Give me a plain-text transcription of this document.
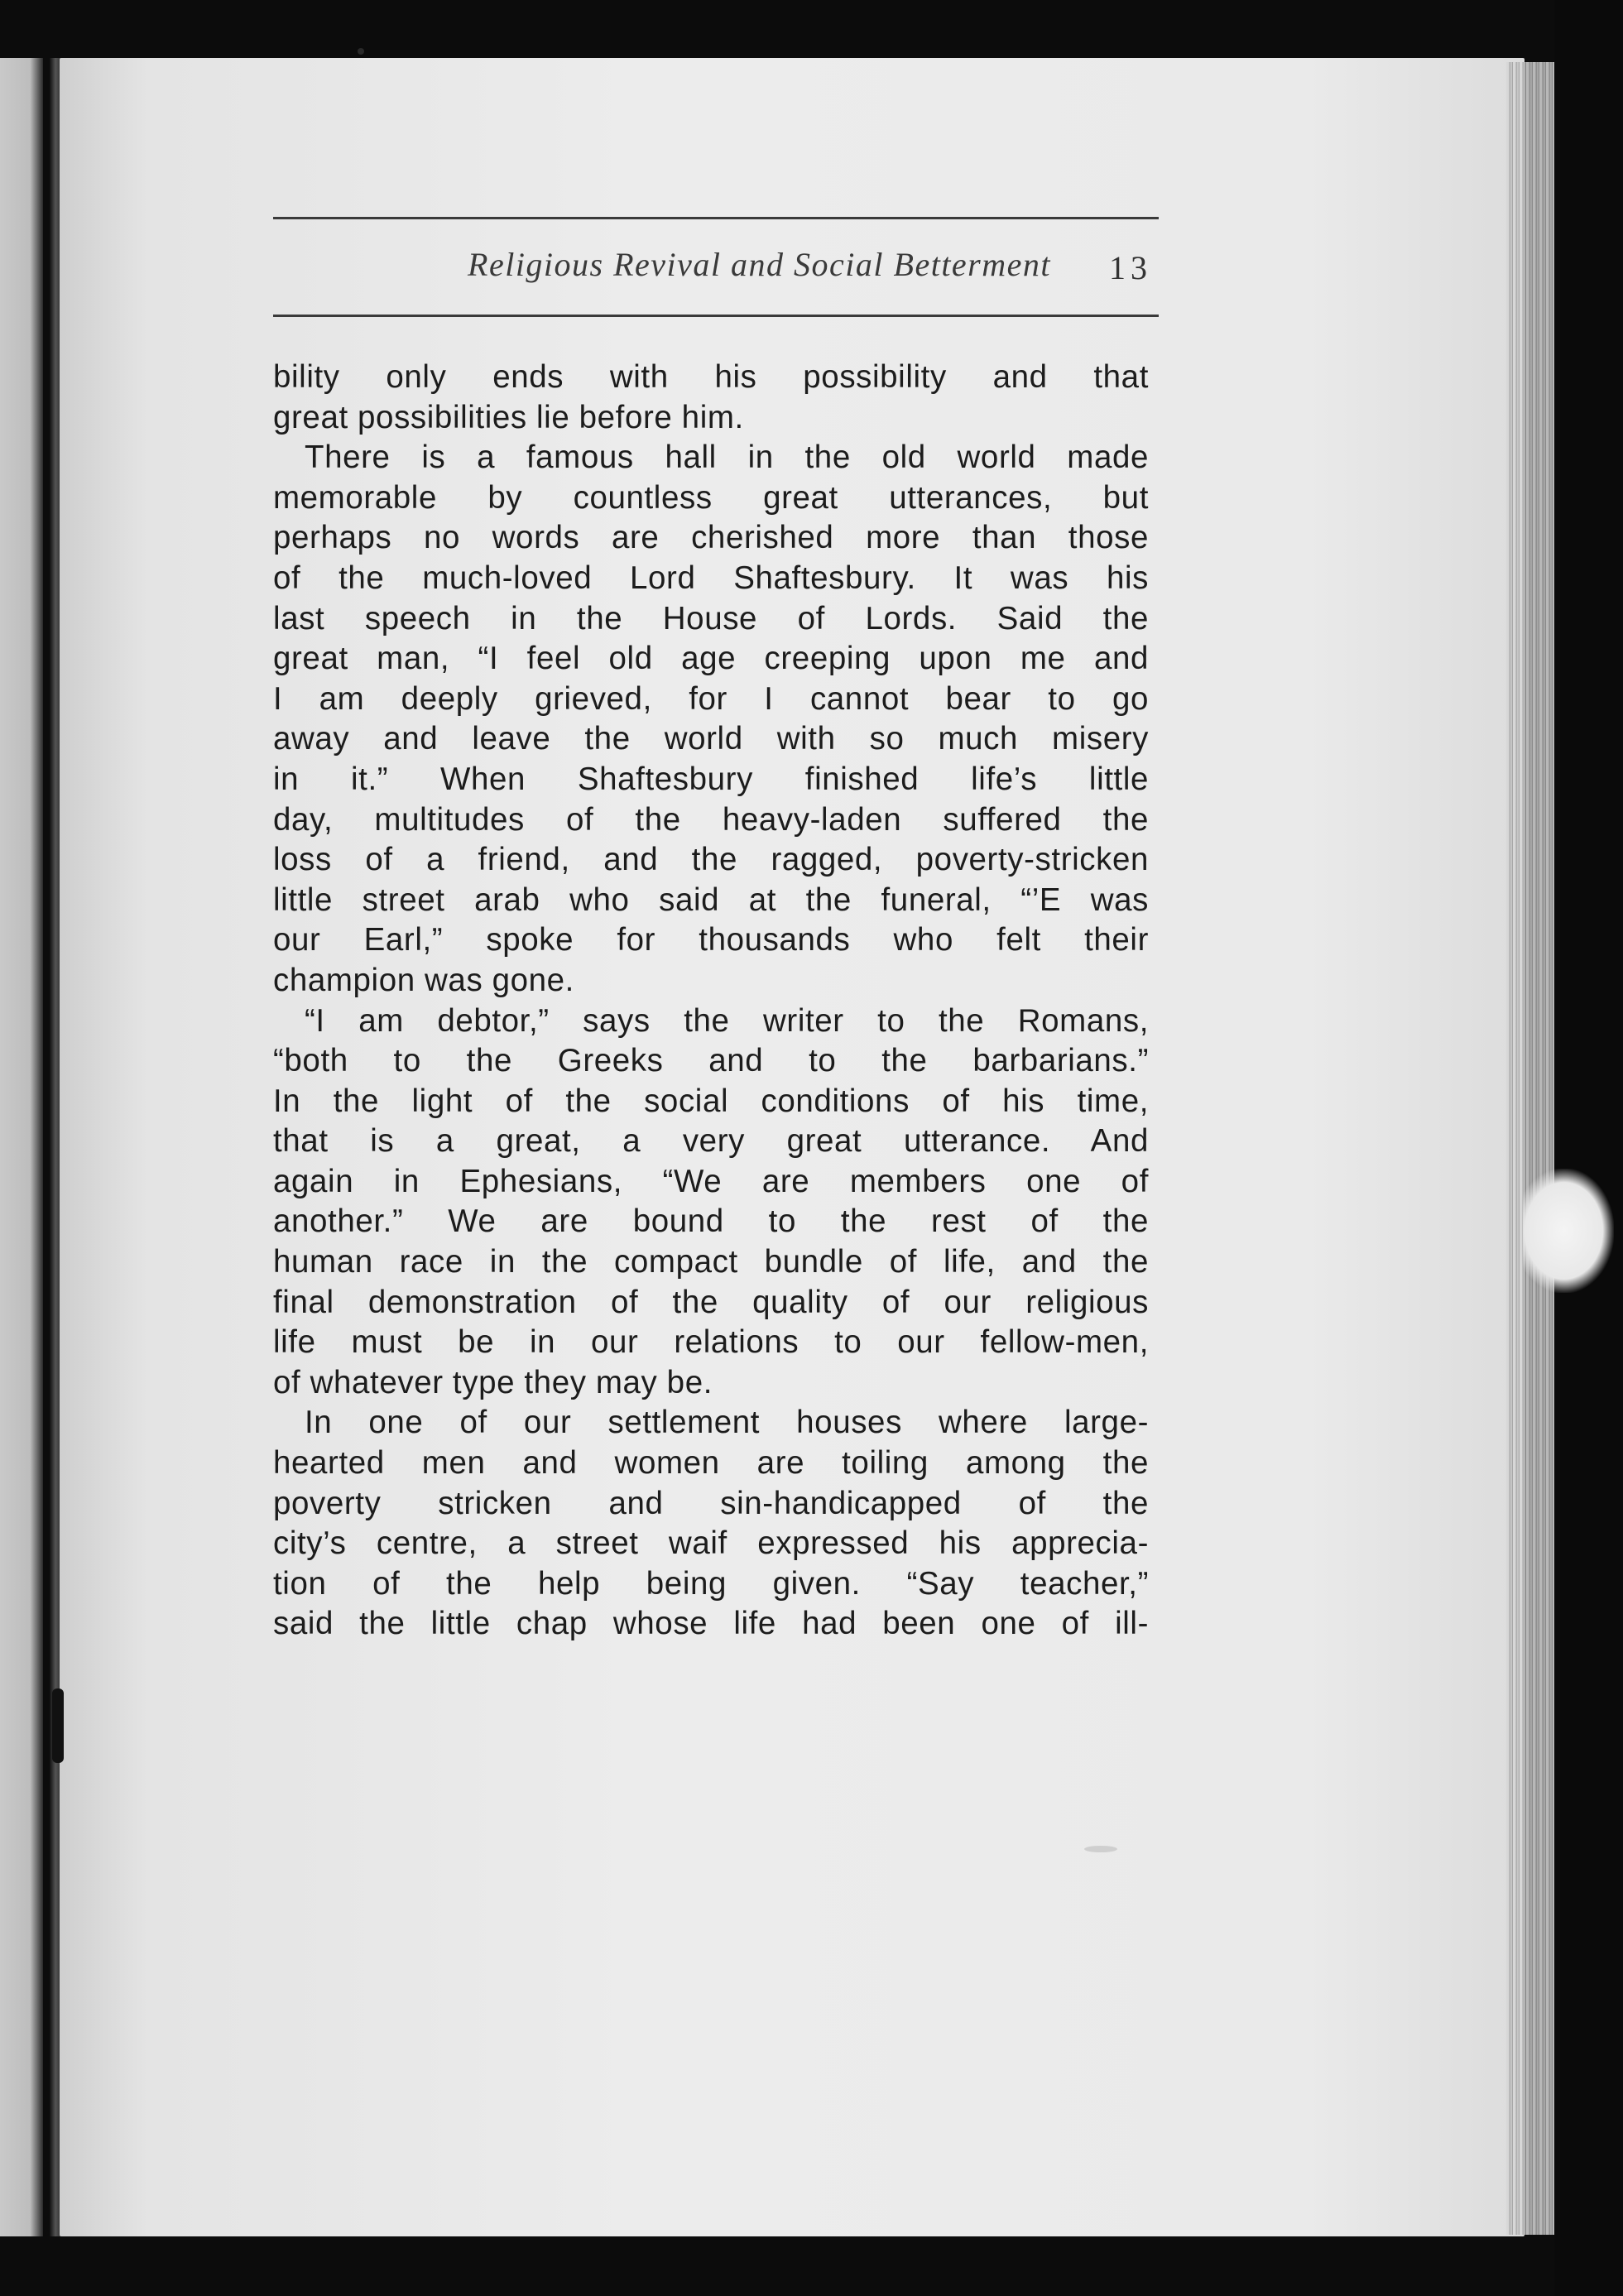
Religious Revival and Social Betterment 13
bility only ends with his possibility and that
great possibilities lie before him.
There is a famous hall in the old world made
memorable by countless great utterances, but
perhaps no words are cherished more than those
of the much-loved Lord Shaftesbury. It was his
last speech in the House of Lords. Said the
great man, “I feel old age creeping upon me and
I am deeply grieved, for I cannot bear to go
away and leave the world with so much misery
in it.” When Shaftesbury finished life’s little
day, multitudes of the heavy-laden suffered the
loss of a friend, and the ragged, poverty-stricken
little street arab who said at the funeral, “’E was
our Earl,” spoke for thousands who felt their
champion was gone.
“I am debtor,” says the writer to the Romans,
“both to the Greeks and to the barbarians.”
In the light of the social conditions of his time,
that is a great, a very great utterance. And
again in Ephesians, “We are members one of
another.” We are bound to the rest of the
human race in the compact bundle of life, and the
final demonstration of the quality of our religious
life must be in our relations to our fellow-men,
of whatever type they may be.
In one of our settlement houses where large-
hearted men and women are toiling among the
poverty stricken and sin-handicapped of the
city’s centre, a street waif expressed his apprecia-
tion of the help being given. “Say teacher,”
said the little chap whose life had been one of ill-
